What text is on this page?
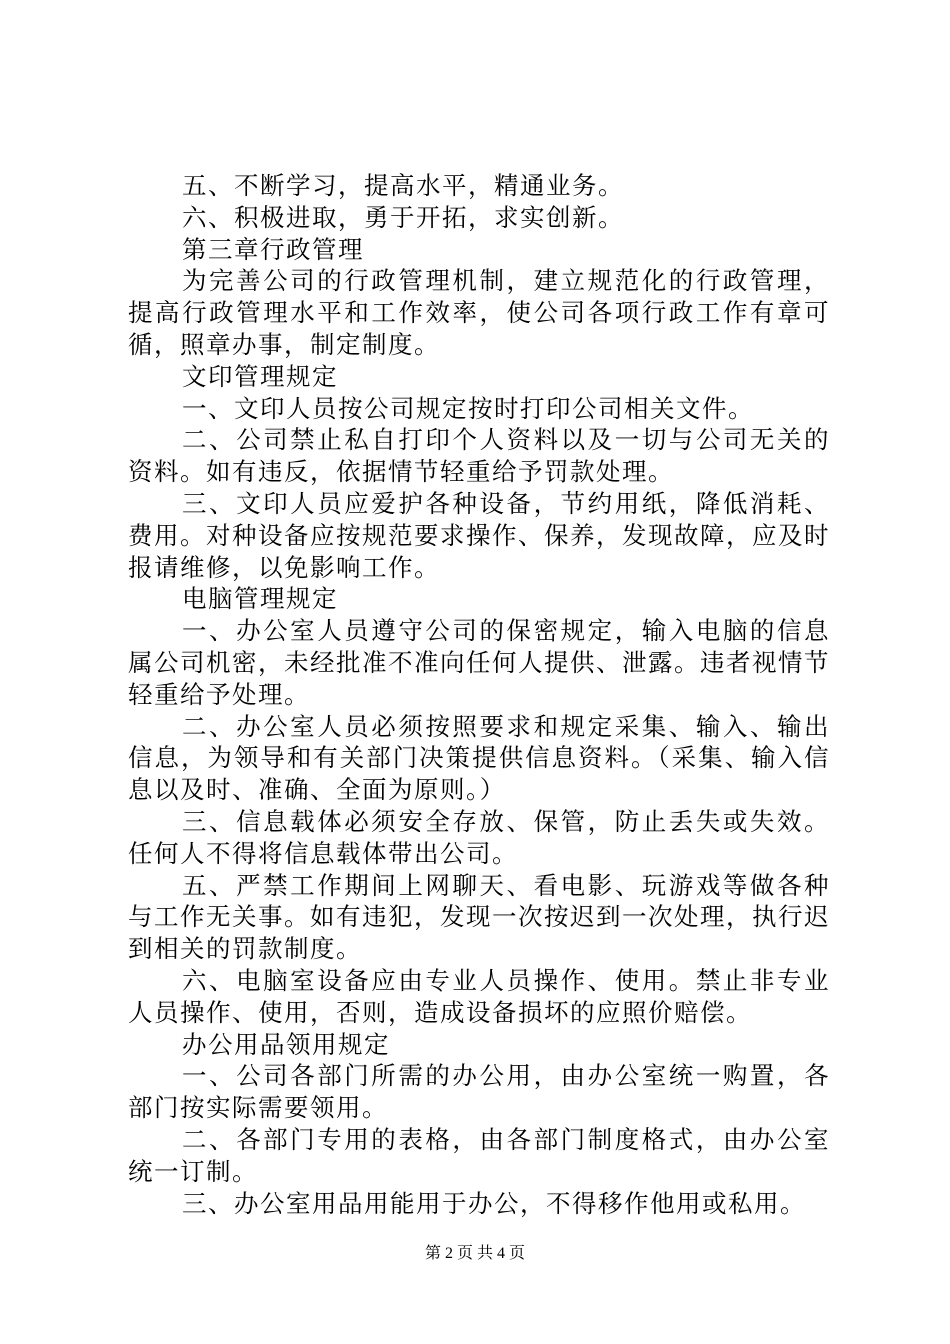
五、不断学习，提高水平，精通业务。

六、积极进取，勇于开拓，求实创新。

第三章行政管理

为完善公司的行政管理机制，建立规范化的行政管理，提高行政管理水平和工作效率，使公司各项行政工作有章可循，照章办事，制定制度。

文印管理规定

一、文印人员按公司规定按时打印公司相关文件。

二、公司禁止私自打印个人资料以及一切与公司无关的资料。如有违反，依据情节轻重给予罚款处理。

三、文印人员应爱护各种设备，节约用纸，降低消耗、费用。对种设备应按规范要求操作、保养，发现故障，应及时报请维修，以免影响工作。

电脑管理规定

一、办公室人员遵守公司的保密规定，输入电脑的信息属公司机密，未经批准不准向任何人提供、泄露。违者视情节轻重给予处理。

二、办公室人员必须按照要求和规定采集、输入、输出信息，为领导和有关部门决策提供信息资料。（采集、输入信息以及时、准确、全面为原则。）

三、信息载体必须安全存放、保管，防止丢失或失效。任何人不得将信息载体带出公司。

五、严禁工作期间上网聊天、看电影、玩游戏等做各种与工作无关事。如有违犯，发现一次按迟到一次处理，执行迟到相关的罚款制度。

六、电脑室设备应由专业人员操作、使用。禁止非专业人员操作、使用，否则，造成设备损坏的应照价赔偿。

办公用品领用规定

一、公司各部门所需的办公用，由办公室统一购置，各部门按实际需要领用。

二、各部门专用的表格，由各部门制度格式，由办公室统一订制。

三、办公室用品用能用于办公，不得移作他用或私用。

第 2 页 共 4 页
